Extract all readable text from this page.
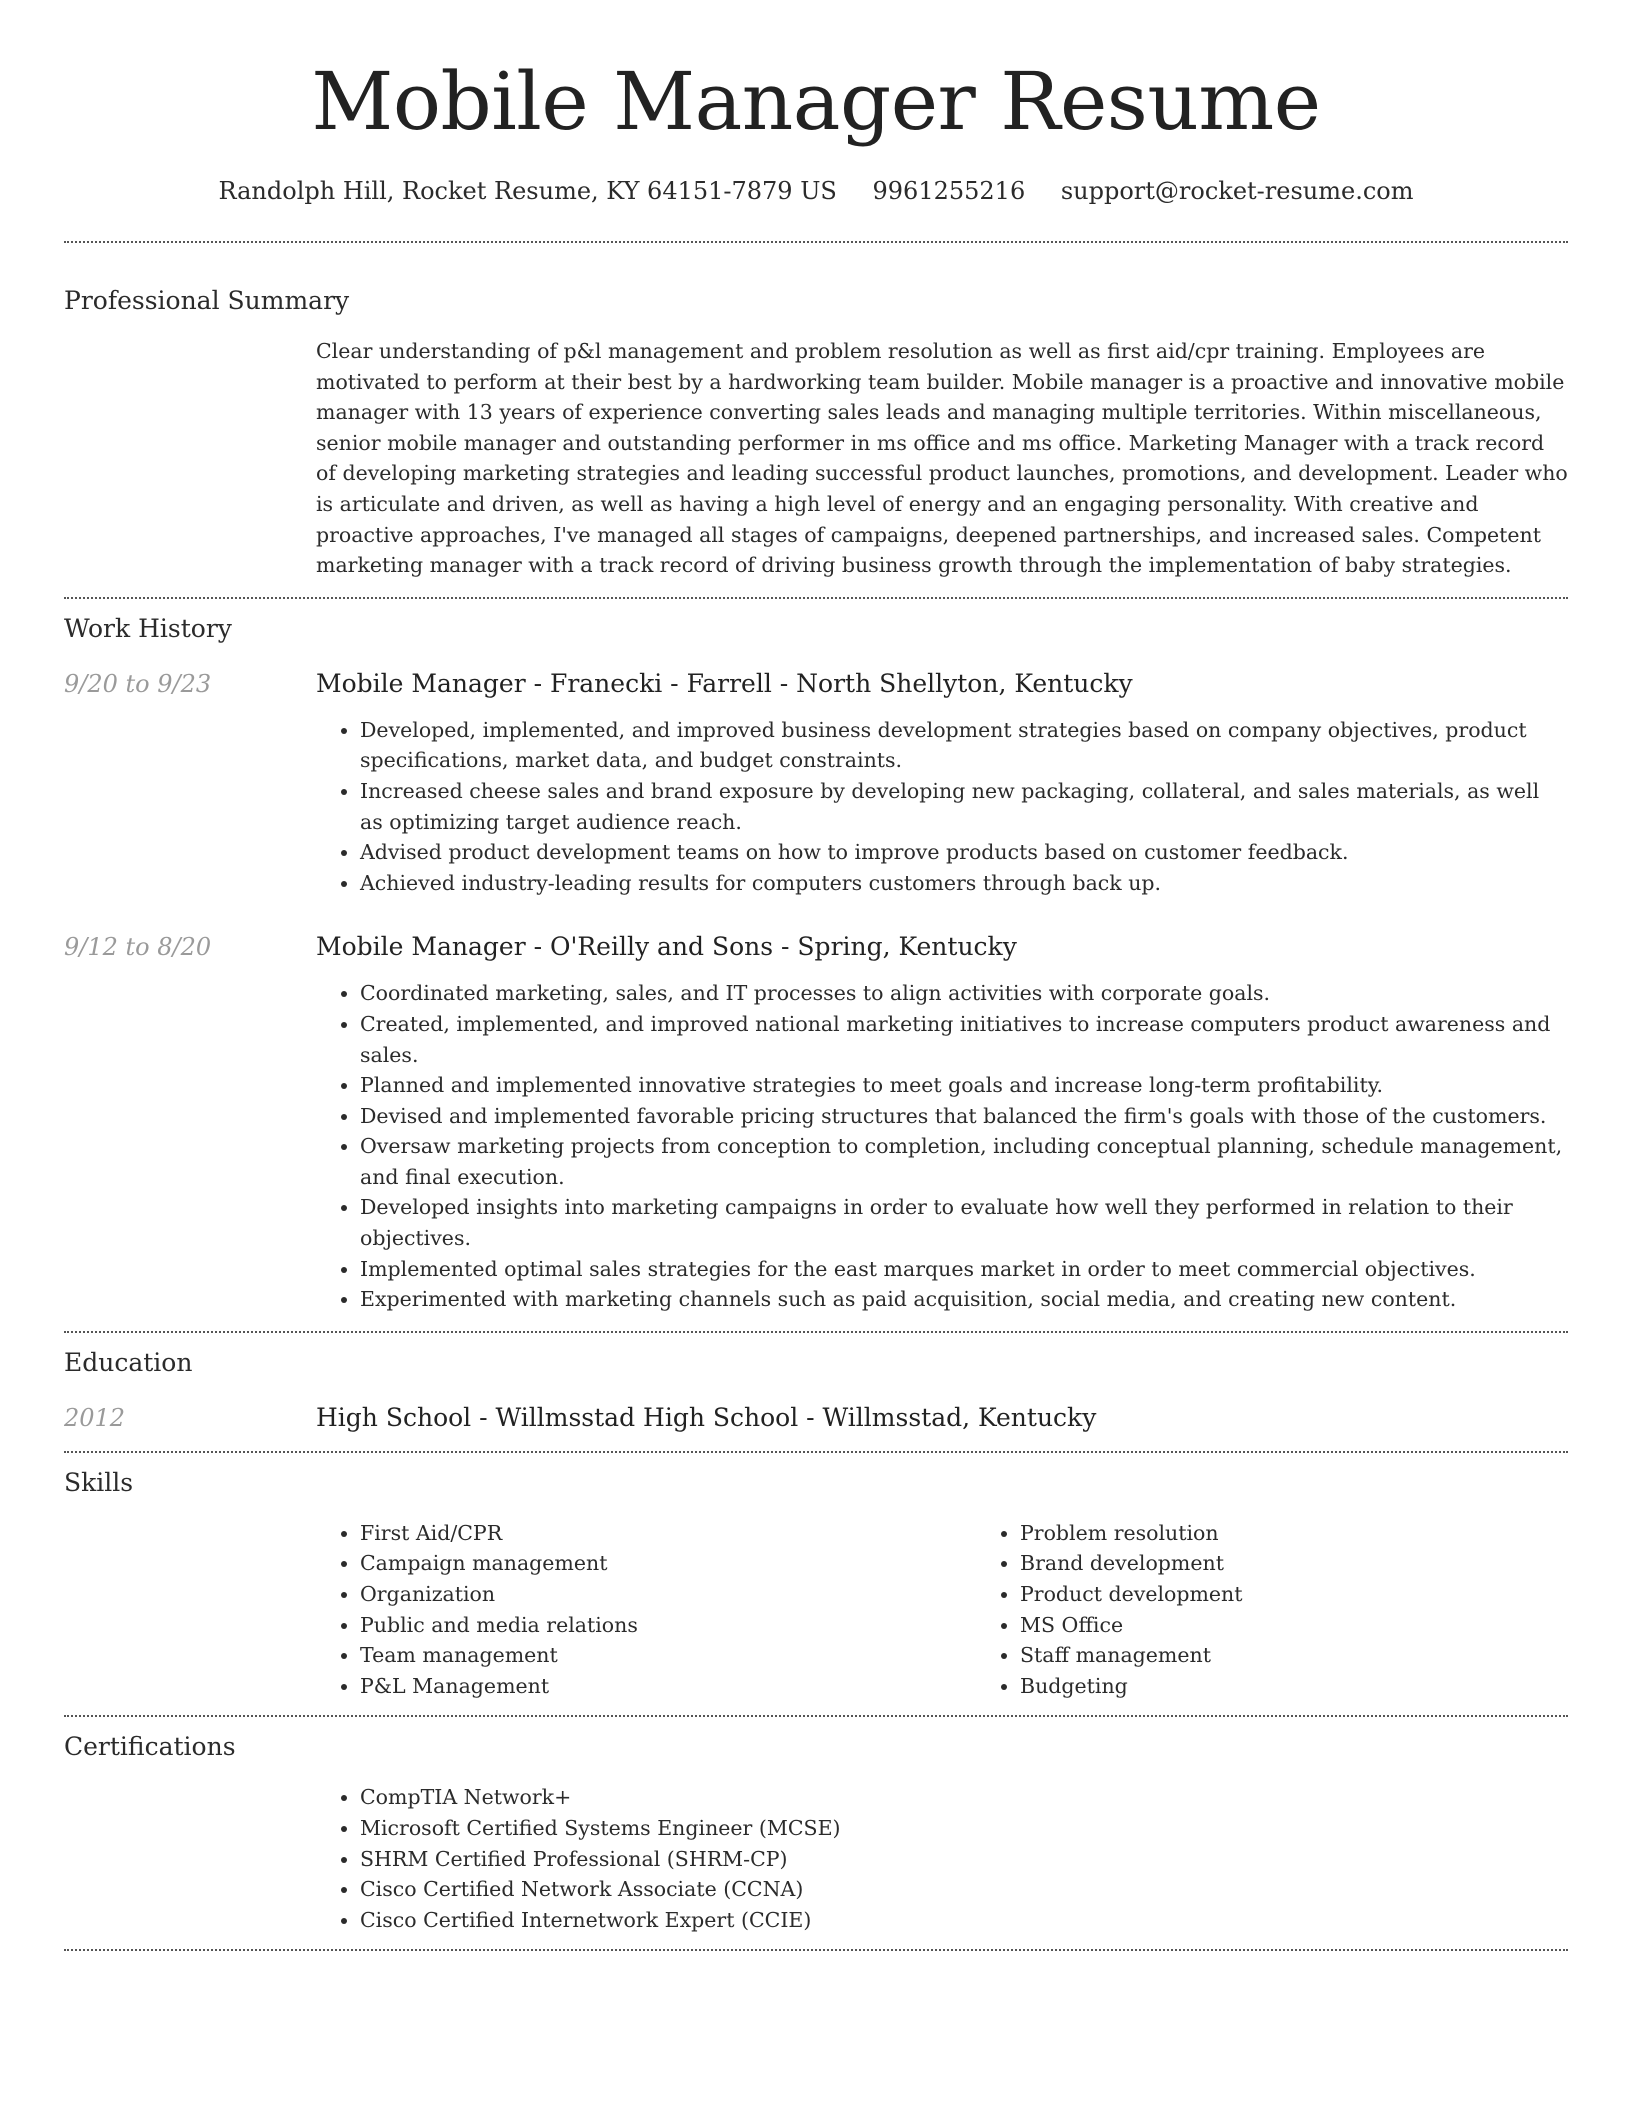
Mobile Manager Resume
Randolph Hill, Rocket Resume, KY 64151-7879 US 9961255216 support@rocket-resume.com
Professional Summary

Clear understanding of p&l management and problem resolution as well as first aid/cpr training. Employees are motivated to perform at their best by a hardworking team builder. Mobile manager is a proactive and innovative mobile manager with 13 years of experience converting sales leads and managing multiple territories. Within miscellaneous, senior mobile manager and outstanding performer in ms office and ms office. Marketing Manager with a track record of developing marketing strategies and leading successful product launches, promotions, and development. Leader who is articulate and driven, as well as having a high level of energy and an engaging personality. With creative and proactive approaches, I've managed all stages of campaigns, deepened partnerships, and increased sales. Competent marketing manager with a track record of driving business growth through the implementation of baby strategies.

Work History
9/20 to 9/23	Mobile Manager - Franecki - Farrell - North Shellyton, Kentucky
• Developed, implemented, and improved business development strategies based on company objectives, product specifications, market data, and budget constraints.
• Increased cheese sales and brand exposure by developing new packaging, collateral, and sales materials, as well as optimizing target audience reach.
• Advised product development teams on how to improve products based on customer feedback.
• Achieved industry-leading results for computers customers through back up.
9/12 to 8/20	Mobile Manager - O'Reilly and Sons - Spring, Kentucky
• Coordinated marketing, sales, and IT processes to align activities with corporate goals.
• Created, implemented, and improved national marketing initiatives to increase computers product awareness and sales.
• Planned and implemented innovative strategies to meet goals and increase long-term profitability.
• Devised and implemented favorable pricing structures that balanced the firm's goals with those of the customers.
• Oversaw marketing projects from conception to completion, including conceptual planning, schedule management, and final execution.
• Developed insights into marketing campaigns in order to evaluate how well they performed in relation to their objectives.
• Implemented optimal sales strategies for the east marques market in order to meet commercial objectives.
• Experimented with marketing channels such as paid acquisition, social media, and creating new content.
Education
2012	High School - Willmsstad High School - Willmsstad, Kentucky
Skills
• First Aid/CPR
• Campaign management
• Organization
• Public and media relations
• Team management
• P&L Management
• Problem resolution
• Brand development
• Product development
• MS Office
• Staff management
• Budgeting
Certifications
• CompTIA Network+
• Microsoft Certified Systems Engineer (MCSE)
• SHRM Certified Professional (SHRM-CP)
• Cisco Certified Network Associate (CCNA)
• Cisco Certified Internetwork Expert (CCIE)
